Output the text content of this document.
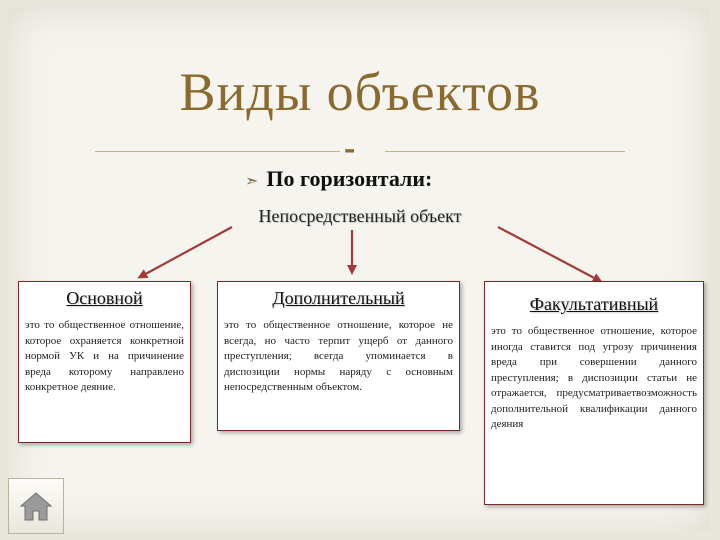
Виды объектов
⁃
➣ По горизонтали:
Непосредственный объект
Основной
это то общественное отношение, которое охраняется конкретной нормой УК и на причинение вреда которому направлено конкретное деяние.
Дополнительный
это то общественное отношение, которое не всегда, но часто терпит ущерб от данного преступления; всегда упоминается в диспозиции нормы наряду с основным непосредственным объектом.
Факультативный
это то общественное отношение, которое иногда ставится под угрозу причинения вреда при совершении данного преступления; в диспозиции статьи не отражается, предусматриваетвозможность дополнительной квалификации данного деяния
